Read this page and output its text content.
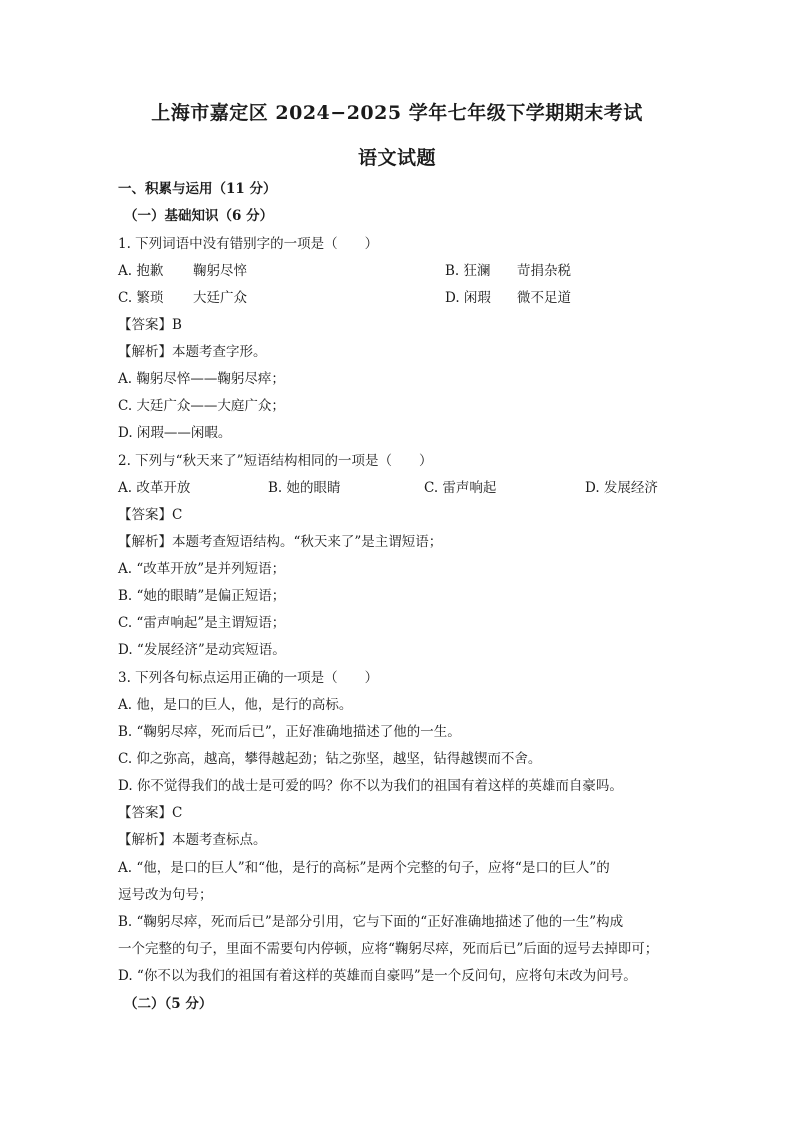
上海市嘉定区 2024−2025 学年七年级下学期期末考试
语文试题
一、积累与运用（11 分）
（一）基础知识（6 分）
1. 下列词语中没有错别字的一项是（　　）
A. 抱歉 鞠躬尽悴	B. 狂澜 苛捐杂税
C. 繁琐 大廷广众	D. 闲瑕 微不足道
【答案】B
【解析】本题考查字形。
A. 鞠躬尽悴——鞠躬尽瘁；
C. 大廷广众——大庭广众；
D. 闲瑕——闲暇。
2. 下列与“秋天来了”短语结构相同的一项是（　　）
A. 改革开放	B. 她的眼睛	C. 雷声响起	D. 发展经济
【答案】C
【解析】本题考查短语结构。“秋天来了”是主谓短语；
A. “改革开放”是并列短语；
B. “她的眼睛”是偏正短语；
C. “雷声响起”是主谓短语；
D. “发展经济”是动宾短语。
3. 下列各句标点运用正确的一项是（　　）
A. 他，是口的巨人，他，是行的高标。
B. “鞠躬尽瘁，死而后已”，正好准确地描述了他的一生。
C. 仰之弥高，越高，攀得越起劲；钻之弥坚，越坚，钻得越锲而不舍。
D. 你不觉得我们的战士是可爱的吗？你不以为我们的祖国有着这样的英雄而自豪吗。
【答案】C
【解析】本题考查标点。
A. “他，是口的巨人”和“他，是行的高标”是两个完整的句子，应将“是口的巨人”的
逗号改为句号；
B. “鞠躬尽瘁，死而后已”是部分引用，它与下面的“正好准确地描述了他的一生”构成
一个完整的句子，里面不需要句内停顿，应将“鞠躬尽瘁，死而后已”后面的逗号去掉即可；
D. “你不以为我们的祖国有着这样的英雄而自豪吗”是一个反问句，应将句末改为问号。
（二）（5 分）
